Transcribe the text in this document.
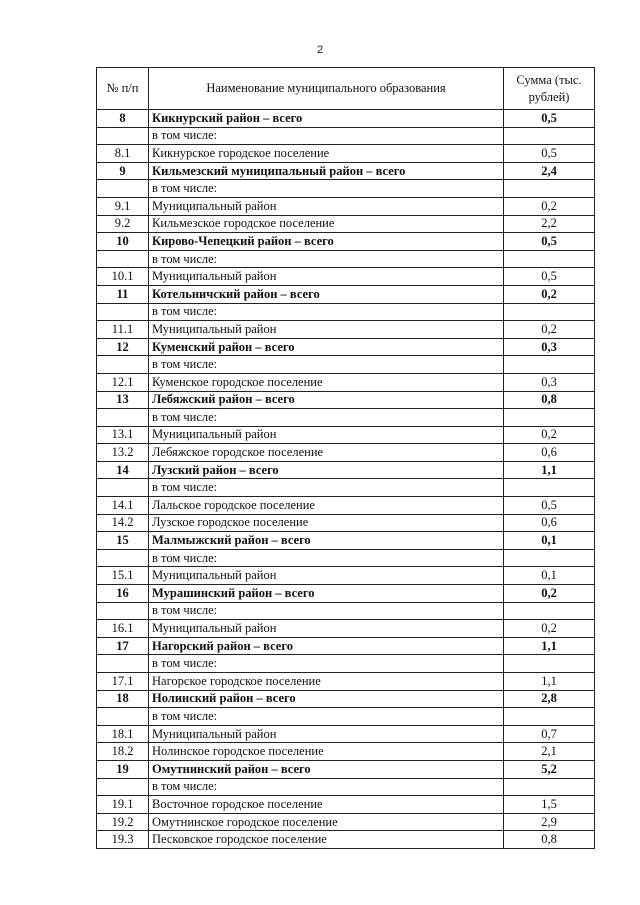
2
№ п/п	Наименование муниципального образования	Сумма (тыс. рублей)
8	Кикнурский район – всего	0,5
	в том числе:	
8.1	Кикнурское городское поселение	0,5
9	Кильмезский муниципальный район – всего	2,4
	в том числе:	
9.1	Муниципальный район	0,2
9.2	Кильмезское городское поселение	2,2
10	Кирово-Чепецкий район – всего	0,5
	в том числе:	
10.1	Муниципальный район	0,5
11	Котельничский район – всего	0,2
	в том числе:	
11.1	Муниципальный район	0,2
12	Куменский район – всего	0,3
	в том числе:	
12.1	Куменское городское поселение	0,3
13	Лебяжский район – всего	0,8
	в том числе:	
13.1	Муниципальный район	0,2
13.2	Лебяжское городское поселение	0,6
14	Лузский район – всего	1,1
	в том числе:	
14.1	Лальское городское поселение	0,5
14.2	Лузское городское поселение	0,6
15	Малмыжский район – всего	0,1
	в том числе:	
15.1	Муниципальный район	0,1
16	Мурашинский район – всего	0,2
	в том числе:	
16.1	Муниципальный район	0,2
17	Нагорский район – всего	1,1
	в том числе:	
17.1	Нагорское городское поселение	1,1
18	Нолинский район – всего	2,8
	в том числе:	
18.1	Муниципальный район	0,7
18.2	Нолинское городское поселение	2,1
19	Омутнинский район – всего	5,2
	в том числе:	
19.1	Восточное городское поселение	1,5
19.2	Омутнинское городское поселение	2,9
19.3	Песковское городское поселение	0,8
